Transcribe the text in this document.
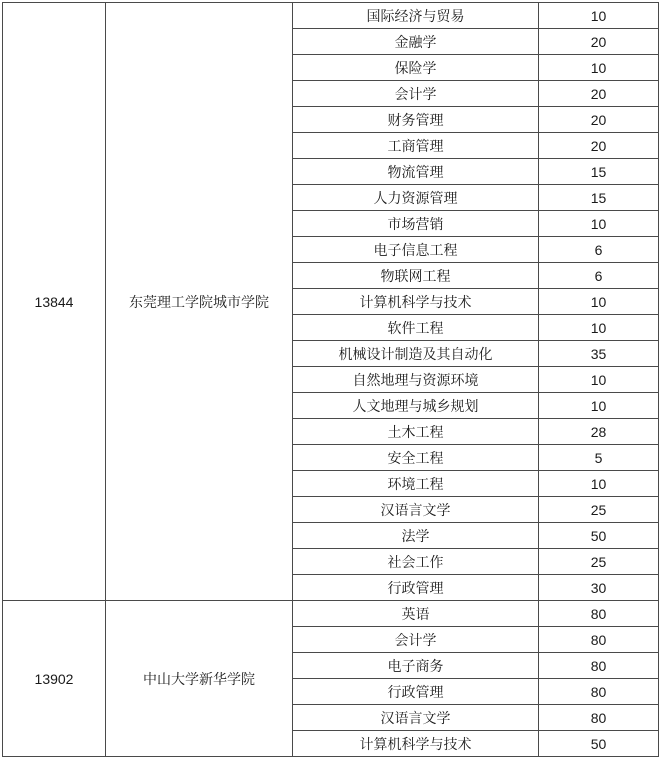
13844	东莞理工学院城市学院	国际经济与贸易	10
		金融学	20
		保险学	10
		会计学	20
		财务管理	20
		工商管理	20
		物流管理	15
		人力资源管理	15
		市场营销	10
		电子信息工程	6
		物联网工程	6
		计算机科学与技术	10
		软件工程	10
		机械设计制造及其自动化	35
		自然地理与资源环境	10
		人文地理与城乡规划	10
		土木工程	28
		安全工程	5
		环境工程	10
		汉语言文学	25
		法学	50
		社会工作	25
		行政管理	30
13902	中山大学新华学院	英语	80
		会计学	80
		电子商务	80
		行政管理	80
		汉语言文学	80
		计算机科学与技术	50
